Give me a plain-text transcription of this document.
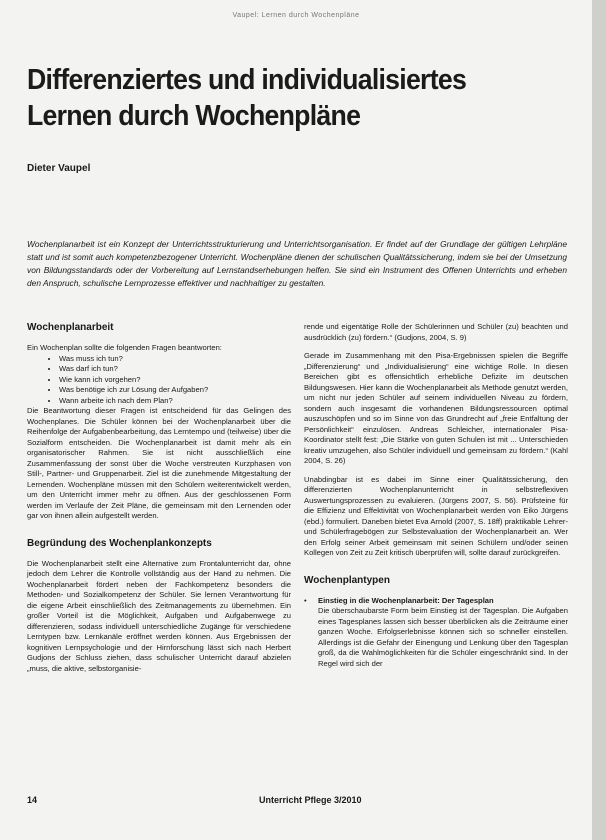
Vaupel: Lernen durch Wochenpläne
Differenziertes und individualisiertes
Lernen durch Wochenpläne
Dieter Vaupel
Wochenplanarbeit ist ein Konzept der Unterrichtsstrukturierung und Unterrichtsorganisation. Er findet auf der Grundlage der gültigen Lehrpläne statt und ist somit auch kompetenzbezogener Unterricht. Wochenpläne dienen der schulischen Qualitätssicherung, indem sie bei der Umsetzung von Bildungsstandards oder der Vorbereitung auf Lernstandserhebungen helfen. Sie sind ein Instrument des Offenen Unterrichts und erheben den Anspruch, schulische Lernprozesse effektiver und nachhaltiger zu gestalten.
Wochenplanarbeit
Ein Wochenplan sollte die folgenden Fragen beantworten:
• Was muss ich tun?
• Was darf ich tun?
• Wie kann ich vorgehen?
• Was benötige ich zur Lösung der Aufgaben?
• Wann arbeite ich nach dem Plan?

Die Beantwortung dieser Fragen ist entscheidend für das Gelingen des Wochenplanes. Die Schüler können bei der Wochenplanarbeit über die Reihenfolge der Aufgabenbearbeitung, das Lerntempo und (teilweise) über die Sozialform entscheiden. Die Wochenplanarbeit ist damit mehr als ein organisatorischer Rahmen. Sie ist nicht ausschließlich eine Zusammenfassung der sonst über die Woche verstreuten Kurzphasen von Still-, Partner- und Gruppenarbeit. Ziel ist die zunehmende Mitgestaltung der Lernenden. Wochenpläne müssen mit den Schülern weiterentwickelt werden, um den Unterricht immer mehr zu öffnen. Aus der geschlossenen Form werden im Verlaufe der Zeit Pläne, die gemeinsam mit den Lernenden oder gar von ihnen allein aufgestellt werden.

Begründung des Wochenplankonzepts

Die Wochenplanarbeit stellt eine Alternative zum Frontalunterricht dar, ohne jedoch dem Lehrer die Kontrolle vollständig aus der Hand zu nehmen. Die Wochenplanarbeit fördert neben der Fachkompetenz besonders die Methoden- und Sozialkompetenz der Schüler. Sie lernen Verantwortung für die eigene Arbeit einschließlich des Zeitmanagements zu übernehmen. Ein großer Vorteil ist die Möglichkeit, Aufgaben und Aufgabenwege zu differenzieren, sodass individuell unterschiedliche Zugänge für verschiedene Lerntypen bzw. Lernkanäle eröffnet werden können. Aus Ergebnissen der kognitiven Lernpsychologie und der Hirnforschung lässt sich nach Herbert Gudjons der Schluss ziehen, dass schulischer Unterricht darauf abzielen „muss, die aktive, selbstorganisie-

rende und eigentätige Rolle der Schülerinnen und Schüler (zu) beachten und ausdrücklich (zu) fördern.“ (Gudjons, 2004, S. 9)

Gerade im Zusammenhang mit den Pisa-Ergebnissen spielen die Begriffe „Differenzierung“ und „Individualisierung“ eine wichtige Rolle. In diesen Bereichen gibt es offensichtlich erhebliche Defizite im deutschen Bildungswesen. Hier kann die Wochenplanarbeit als Methode genutzt werden, um nicht nur jeden Schüler auf seinem individuellen Niveau zu fördern, sondern auch insgesamt die vorhandenen Bildungsressourcen optimal auszuschöpfen und so im Sinne von das Grundrecht auf „freie Entfaltung der Persönlichkeit“ einzulösen. Andreas Schleicher, internationaler Pisa-Koordinator stellt fest: „Die Stärke von guten Schulen ist mit ... Unterschieden kreativ umzugehen, also Schüler individuell und gemeinsam zu fördern.“ (Kahl 2004, S. 26)

Unabdingbar ist es dabei im Sinne einer Qualitätssicherung, den differenzierten Wochenplanunterricht in selbstreflexiven Auswertungsprozessen zu evaluieren. (Jürgens 2007, S. 56). Prüfsteine für die Effizienz und Effektivität von Wochenplanarbeit werden von Eiko Jürgens (ebd.) formuliert. Daneben bietet Eva Arnold (2007, S. 18ff) praktikable Lehrer- und Schülerfragebögen zur Selbstevaluation der Wochenplanarbeit an. Wer den Erfolg seiner Arbeit gemeinsam mit seinen Schülern und/oder seinen Kollegen von Zeit zu Zeit kritisch überprüfen will, sollte darauf zurückgreifen.

Wochenplantypen
•	Einstieg in die Wochenplanarbeit: Der Tagesplan
Die überschaubarste Form beim Einstieg ist der Tagesplan. Die Aufgaben eines Tagesplanes lassen sich besser überblicken als die Zeiträume einer ganzen Woche. Erfolgserlebnisse können sich so schneller einstellen. Allerdings ist die Gefahr der Einengung und Lenkung über den Tagesplan groß, da die Wahlmöglichkeiten für die Schüler eingeschränkt sind. In der Regel wird sich der
14	Unterricht Pflege 3/2010
